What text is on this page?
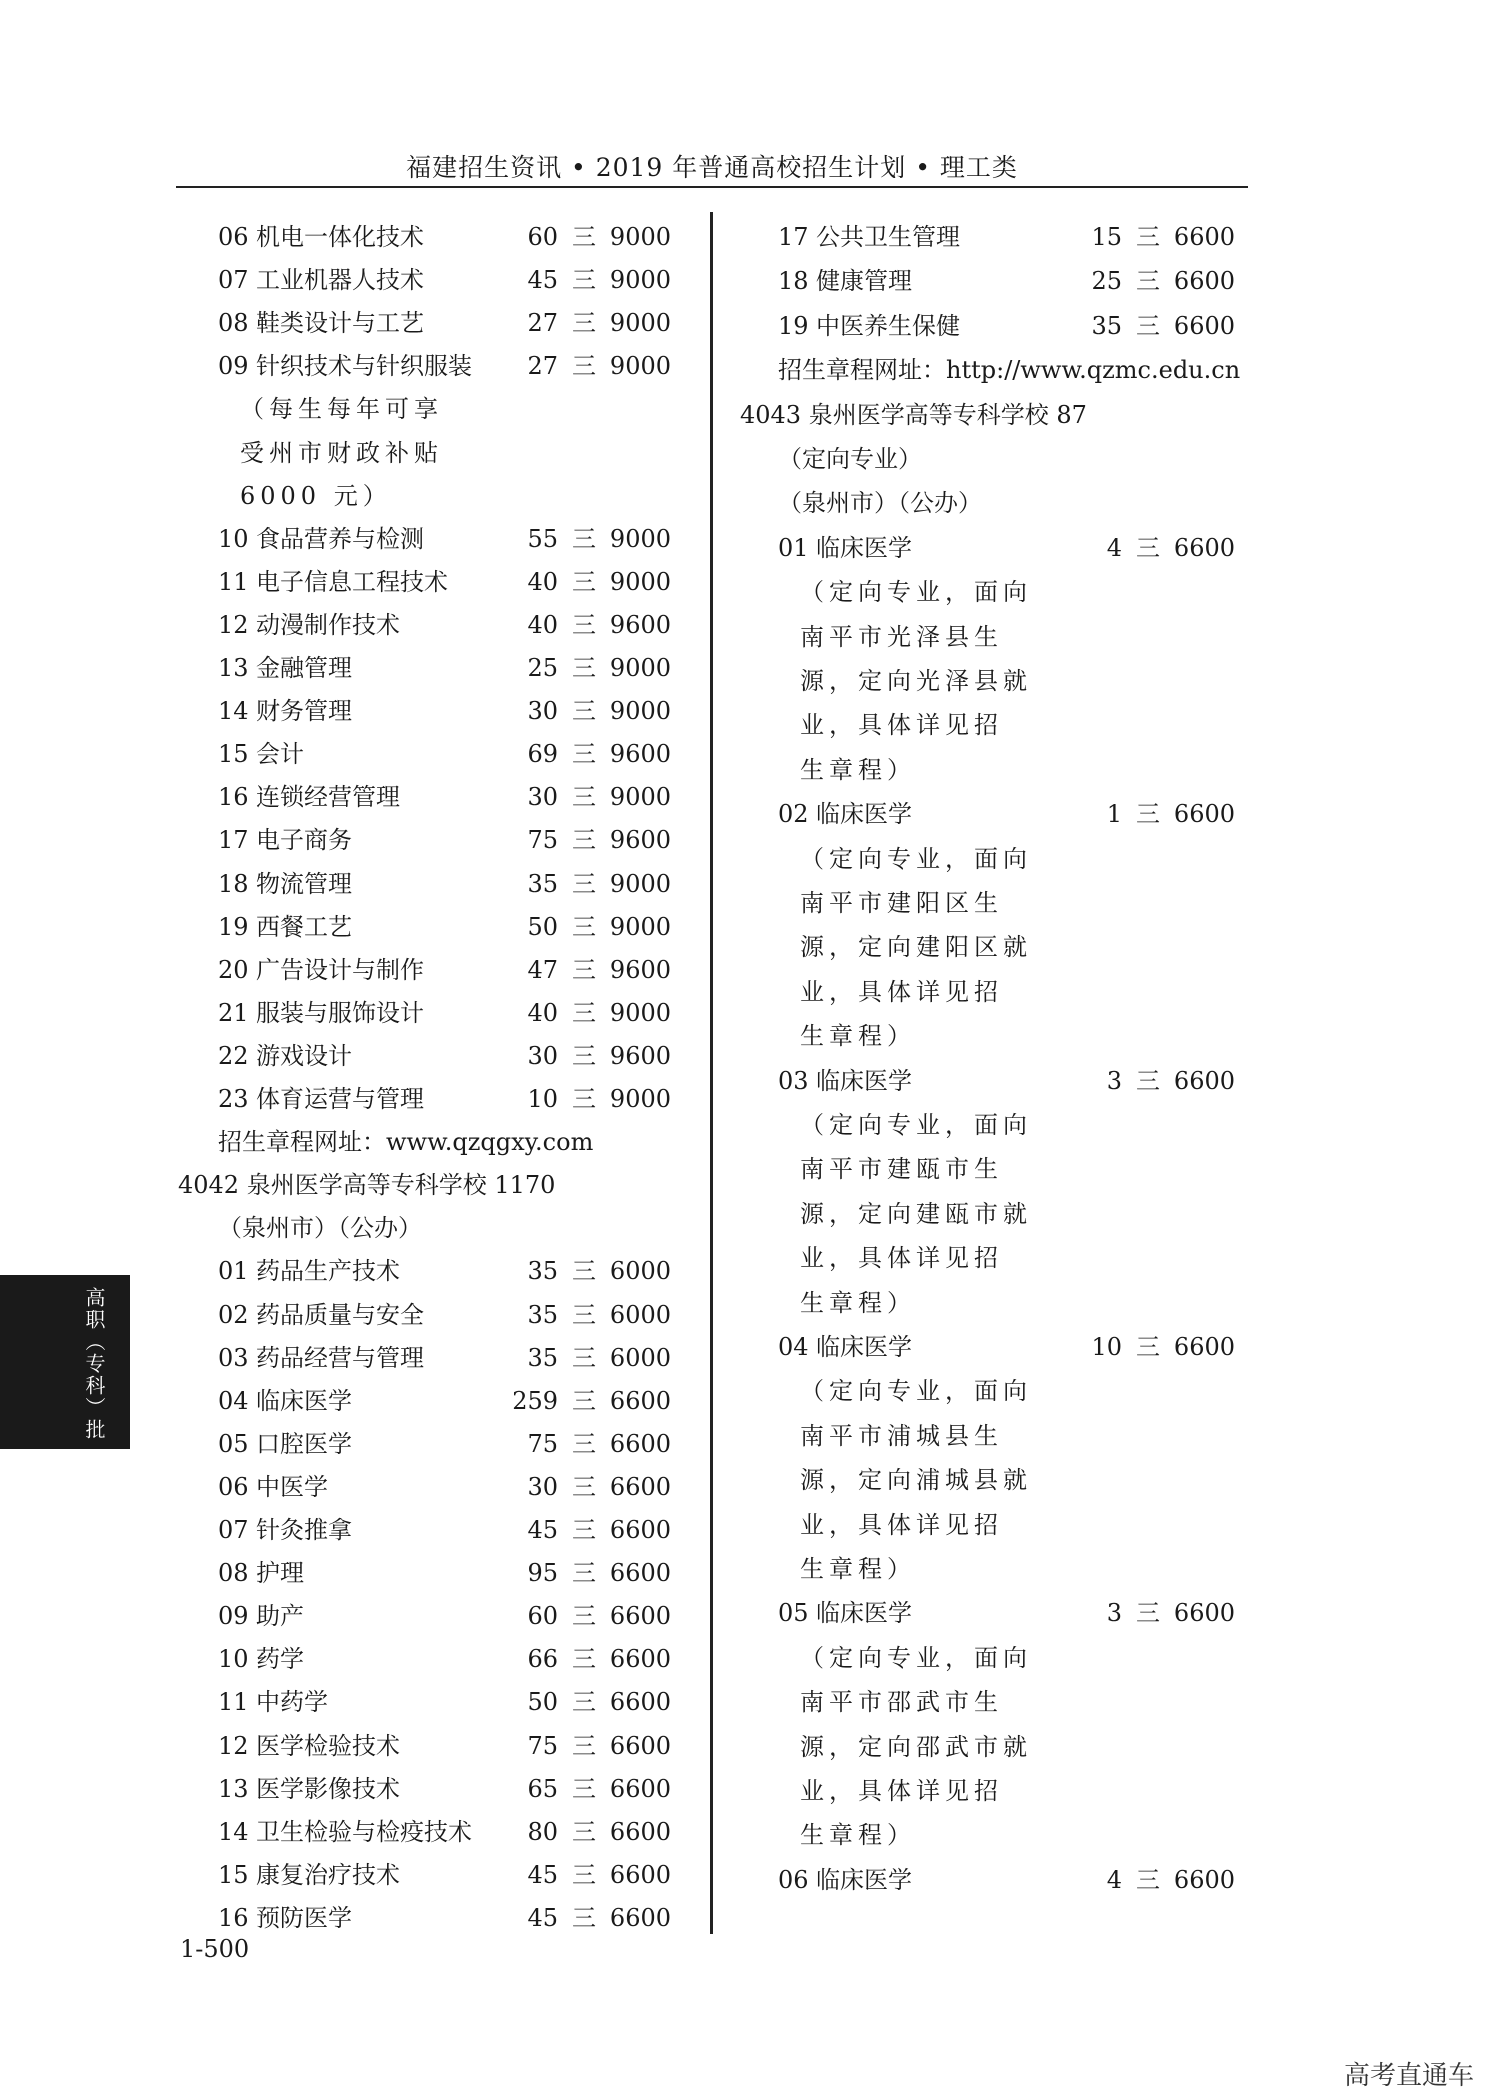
福建招生资讯 • 2019 年普通高校招生计划 • 理工类
06 机电一体化技术	60 三 9000
07 工业机器人技术	45 三 9000
08 鞋类设计与工艺	27 三 9000
09 针织技术与针织服装	27 三 9000
（每生每年可享
受州市财政补贴
6000 元）
10 食品营养与检测	55 三 9000
11 电子信息工程技术	40 三 9000
12 动漫制作技术	40 三 9600
13 金融管理	25 三 9000
14 财务管理	30 三 9000
15 会计	69 三 9600
16 连锁经营管理	30 三 9000
17 电子商务	75 三 9600
18 物流管理	35 三 9000
19 西餐工艺	50 三 9000
20 广告设计与制作	47 三 9600
21 服装与服饰设计	40 三 9000
22 游戏设计	30 三 9600
23 体育运营与管理	10 三 9000
招生章程网址：www.qzqgxy.com
4042 泉州医学高等专科学校 1170
（泉州市）（公办）
01 药品生产技术	35 三 6000
02 药品质量与安全	35 三 6000
03 药品经营与管理	35 三 6000
04 临床医学	259 三 6600
05 口腔医学	75 三 6600
06 中医学	30 三 6600
07 针灸推拿	45 三 6600
08 护理	95 三 6600
09 助产	60 三 6600
10 药学	66 三 6600
11 中药学	50 三 6600
12 医学检验技术	75 三 6600
13 医学影像技术	65 三 6600
14 卫生检验与检疫技术	80 三 6600
15 康复治疗技术	45 三 6600
16 预防医学	45 三 6600
17 公共卫生管理	15 三 6600
18 健康管理	25 三 6600
19 中医养生保健	35 三 6600
招生章程网址：http://www.qzmc.edu.cn
4043 泉州医学高等专科学校 87
（定向专业）
（泉州市）（公办）
01 临床医学	4 三 6600
（定向专业，面向
南平市光泽县生
源，定向光泽县就
业，具体详见招
生章程）
02 临床医学	1 三 6600
（定向专业，面向
南平市建阳区生
源，定向建阳区就
业，具体详见招
生章程）
03 临床医学	3 三 6600
（定向专业，面向
南平市建瓯市生
源，定向建瓯市就
业，具体详见招
生章程）
04 临床医学	10 三 6600
（定向专业，面向
南平市浦城县生
源，定向浦城县就
业，具体详见招
生章程）
05 临床医学	3 三 6600
（定向专业，面向
南平市邵武市生
源，定向邵武市就
业，具体详见招
生章程）
06 临床医学	4 三 6600
高职（专科）批
1-500
高考直通车
